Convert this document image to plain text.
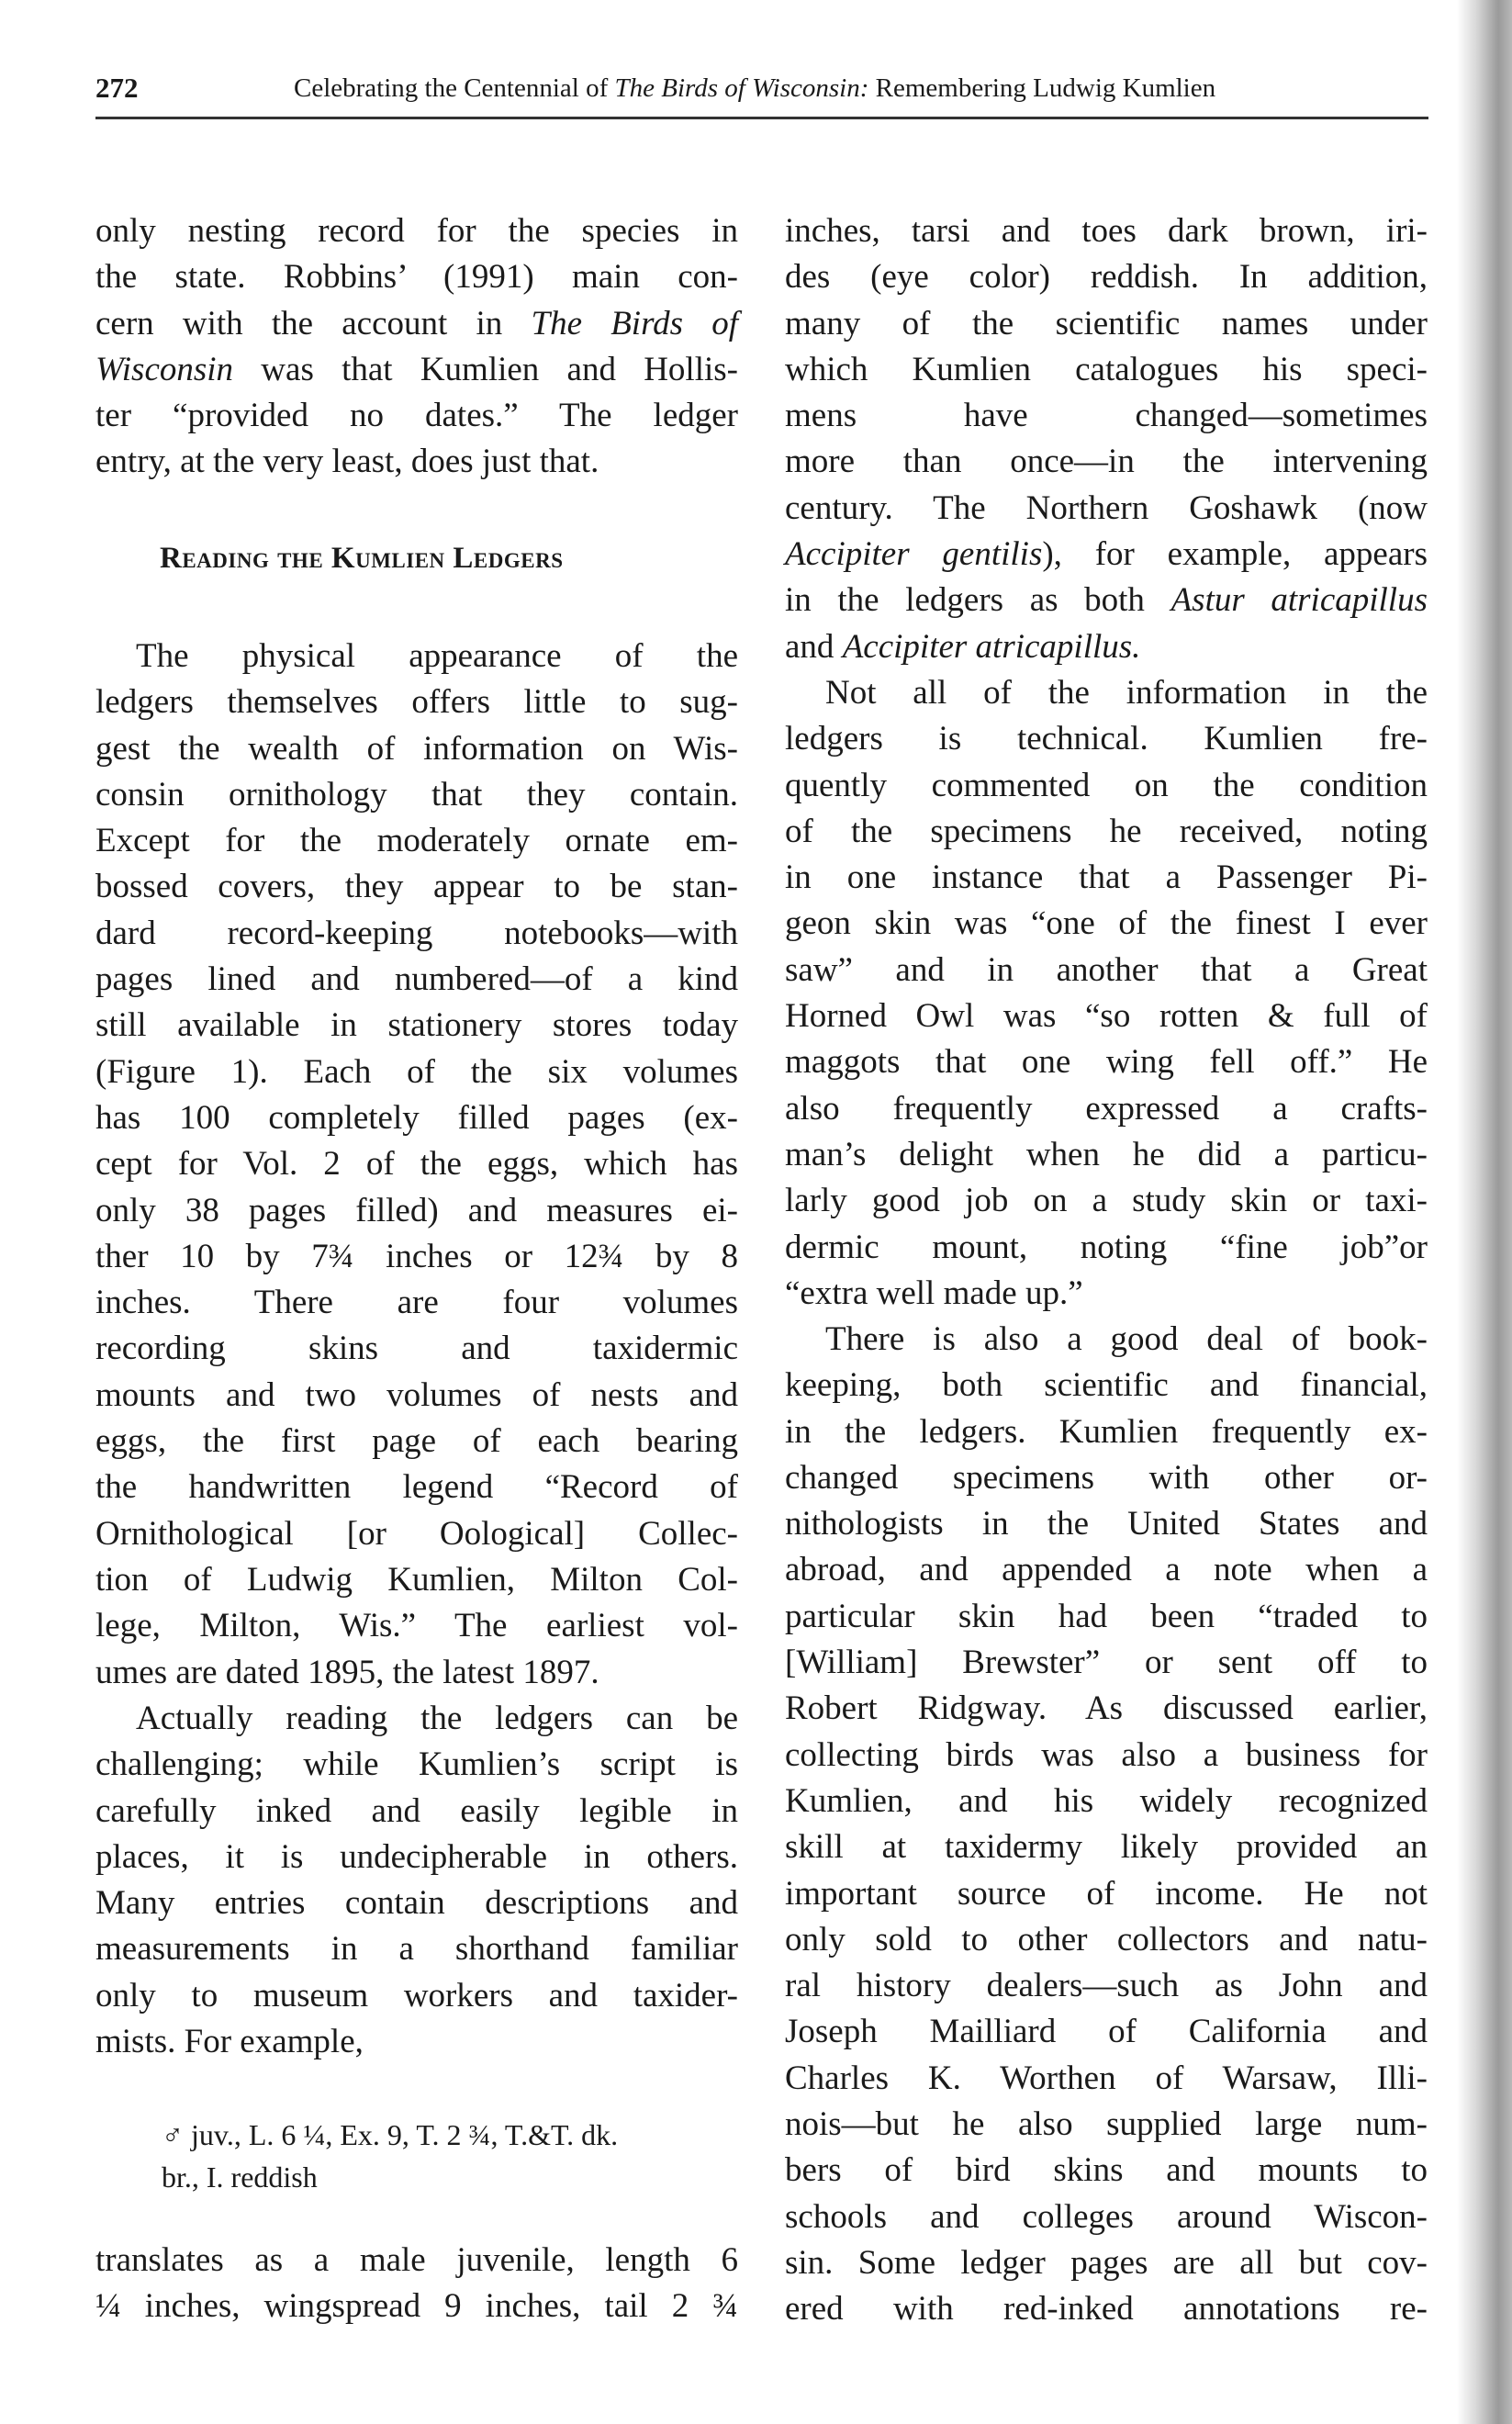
272	Celebrating the Centennial of The Birds of Wisconsin: Remembering Ludwig Kumlien
only nesting record for the species in
the state. Robbins’ (1991) main con-
cern with the account in The Birds of
Wisconsin was that Kumlien and Hollis-
ter “provided no dates.” The ledger
entry, at the very least, does just that.
Reading the Kumlien Ledgers
The physical appearance of the
ledgers themselves offers little to sug-
gest the wealth of information on Wis-
consin ornithology that they contain.
Except for the moderately ornate em-
bossed covers, they appear to be stan-
dard record-keeping notebooks—with
pages lined and numbered—of a kind
still available in stationery stores today
(Figure 1). Each of the six volumes
has 100 completely filled pages (ex-
cept for Vol. 2 of the eggs, which has
only 38 pages filled) and measures ei-
ther 10 by 7¾ inches or 12¾ by 8
inches. There are four volumes
recording skins and taxidermic
mounts and two volumes of nests and
eggs, the first page of each bearing
the handwritten legend “Record of
Ornithological [or Oological] Collec-
tion of Ludwig Kumlien, Milton Col-
lege, Milton, Wis.” The earliest vol-
umes are dated 1895, the latest 1897.
Actually reading the ledgers can be
challenging; while Kumlien’s script is
carefully inked and easily legible in
places, it is undecipherable in others.
Many entries contain descriptions and
measurements in a shorthand familiar
only to museum workers and taxider-
mists. For example,
♂ juv., L. 6 ¼, Ex. 9, T. 2 ¾, T.&T. dk.
br., I. reddish
translates as a male juvenile, length 6
¼ inches, wingspread 9 inches, tail 2 ¾
inches, tarsi and toes dark brown, iri-
des (eye color) reddish. In addition,
many of the scientific names under
which Kumlien catalogues his speci-
mens have changed—sometimes
more than once—in the intervening
century. The Northern Goshawk (now
Accipiter gentilis), for example, appears
in the ledgers as both Astur atricapillus
and Accipiter atricapillus.
Not all of the information in the
ledgers is technical. Kumlien fre-
quently commented on the condition
of the specimens he received, noting
in one instance that a Passenger Pi-
geon skin was “one of the finest I ever
saw” and in another that a Great
Horned Owl was “so rotten & full of
maggots that one wing fell off.” He
also frequently expressed a crafts-
man’s delight when he did a particu-
larly good job on a study skin or taxi-
dermic mount, noting “fine job”or
“extra well made up.”
There is also a good deal of book-
keeping, both scientific and financial,
in the ledgers. Kumlien frequently ex-
changed specimens with other or-
nithologists in the United States and
abroad, and appended a note when a
particular skin had been “traded to
[William] Brewster” or sent off to
Robert Ridgway. As discussed earlier,
collecting birds was also a business for
Kumlien, and his widely recognized
skill at taxidermy likely provided an
important source of income. He not
only sold to other collectors and natu-
ral history dealers—such as John and
Joseph Mailliard of California and
Charles K. Worthen of Warsaw, Illi-
nois—but he also supplied large num-
bers of bird skins and mounts to
schools and colleges around Wiscon-
sin. Some ledger pages are all but cov-
ered with red-inked annotations re-
